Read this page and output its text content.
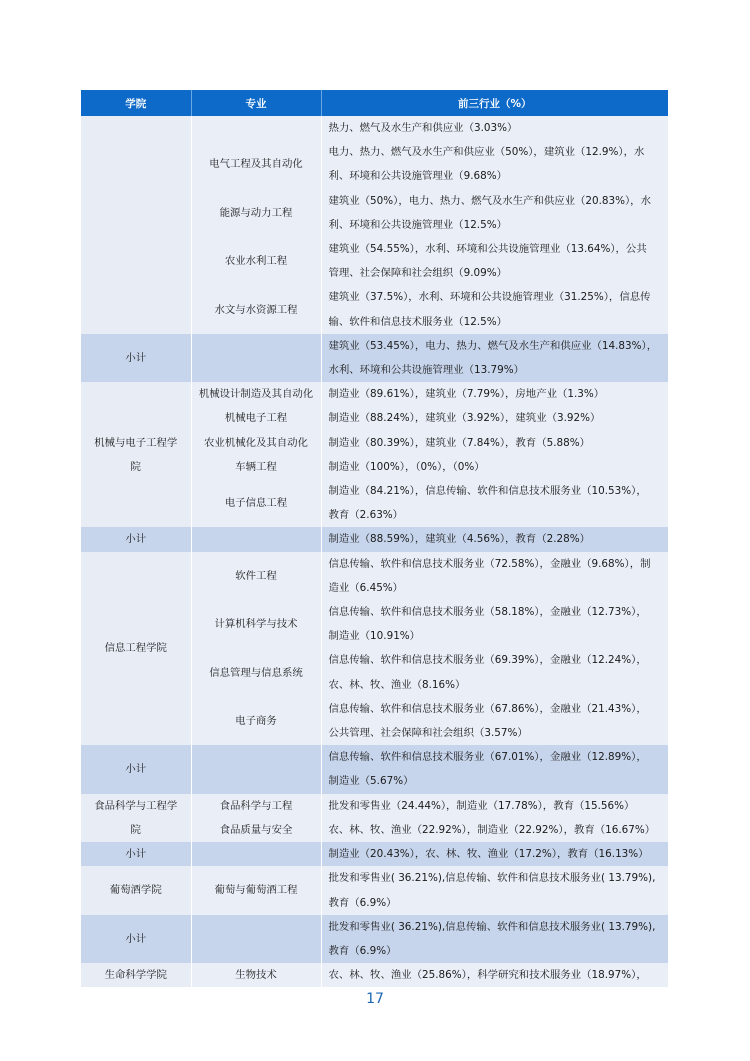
学院	专业	前三行业（%）

		热力、燃气及水生产和供应业（3.03%）

	电气工程及其自动化	电力、热力、燃气及水生产和供应业（50%），建筑业（12.9%），水
利、环境和公共设施管理业（9.68%）

	能源与动力工程	建筑业（50%），电力、热力、燃气及水生产和供应业（20.83%），水
利、环境和公共设施管理业（12.5%）

	农业水利工程	建筑业（54.55%），水利、环境和公共设施管理业（13.64%），公共
管理、社会保障和社会组织（9.09%）

	水文与水资源工程	建筑业（37.5%），水利、环境和公共设施管理业（31.25%），信息传
输、软件和信息技术服务业（12.5%）

小计		建筑业（53.45%），电力、热力、燃气及水生产和供应业（14.83%），
水利、环境和公共设施管理业（13.79%）

机械与电子工程学
院	机械设计制造及其自动化	制造业（89.61%），建筑业（7.79%），房地产业（1.3%）

	机械电子工程	制造业（88.24%），建筑业（3.92%），建筑业（3.92%）

	农业机械化及其自动化	制造业（80.39%），建筑业（7.84%），教育（5.88%）

	车辆工程	制造业（100%），（0%），（0%）

	电子信息工程	制造业（84.21%），信息传输、软件和信息技术服务业（10.53%），
教育（2.63%）

小计		制造业（88.59%），建筑业（4.56%），教育（2.28%）

信息工程学院	软件工程	信息传输、软件和信息技术服务业（72.58%），金融业（9.68%），制
造业（6.45%）

	计算机科学与技术	信息传输、软件和信息技术服务业（58.18%），金融业（12.73%），
制造业（10.91%）

	信息管理与信息系统	信息传输、软件和信息技术服务业（69.39%），金融业（12.24%），
农、林、牧、渔业（8.16%）

	电子商务	信息传输、软件和信息技术服务业（67.86%），金融业（21.43%），
公共管理、社会保障和社会组织（3.57%）

小计		信息传输、软件和信息技术服务业（67.01%），金融业（12.89%），
制造业（5.67%）

食品科学与工程学
院	食品科学与工程	批发和零售业（24.44%），制造业（17.78%），教育（15.56%）

	食品质量与安全	农、林、牧、渔业（22.92%），制造业（22.92%），教育（16.67%）

小计		制造业（20.43%），农、林、牧、渔业（17.2%），教育（16.13%）

葡萄酒学院	葡萄与葡萄酒工程	批发和零售业( 36.21%),信息传输、软件和信息技术服务业( 13.79%),
教育（6.9%）

小计		批发和零售业( 36.21%),信息传输、软件和信息技术服务业( 13.79%),
教育（6.9%）

生命科学学院	生物技术	农、林、牧、渔业（25.86%），科学研究和技术服务业（18.97%），
17
